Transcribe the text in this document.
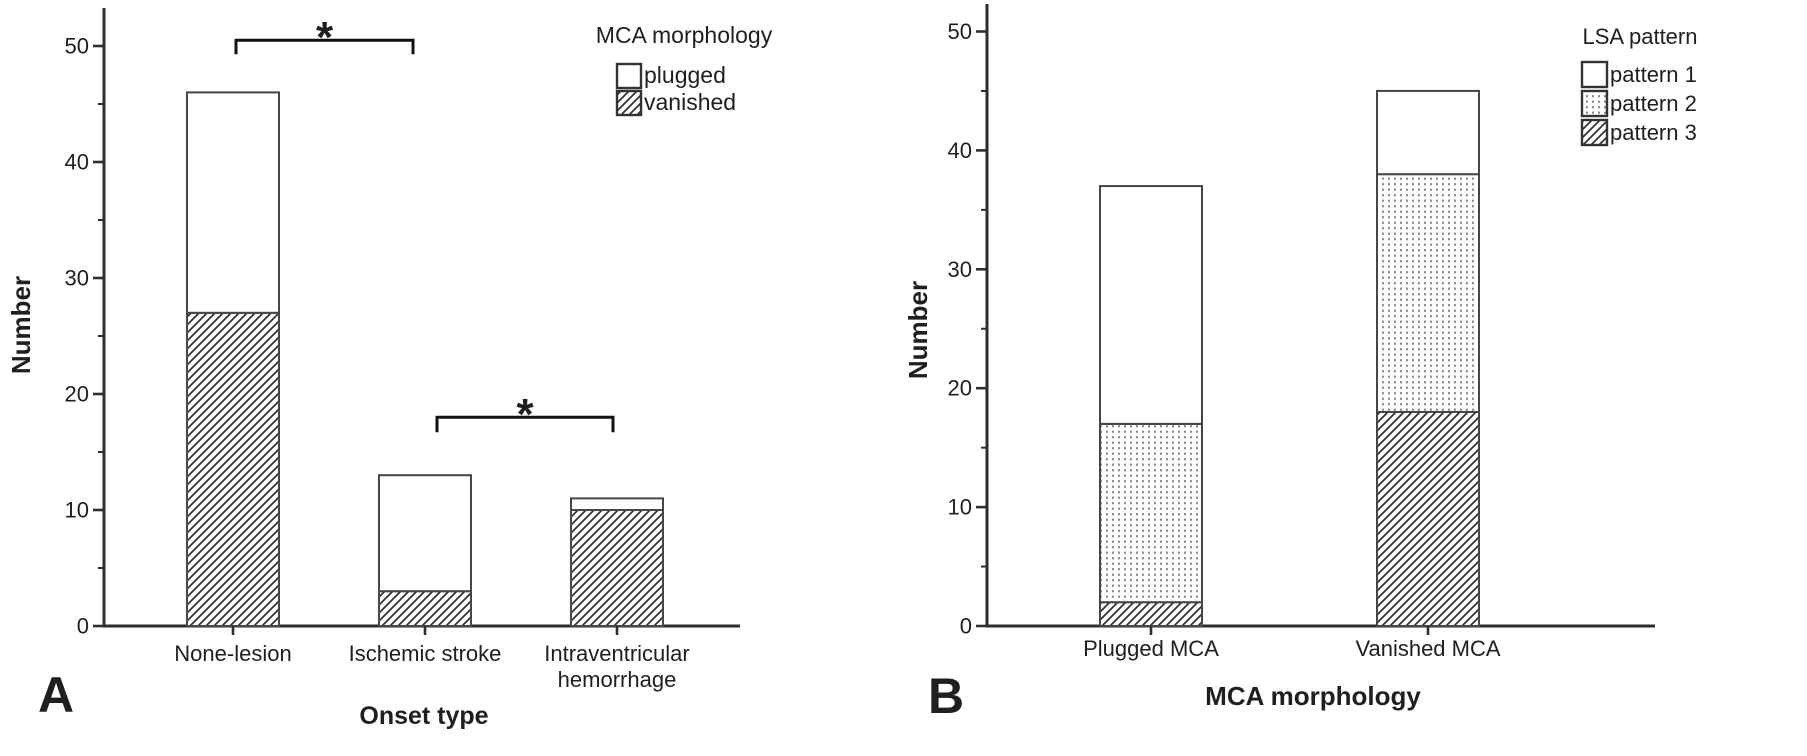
0
10
20
30
40
50
None-lesion	Ischemic stroke Intraventricular
hemorrhage
*
*
Onset type
Number
A
MCA morphology
plugged
vanished
0
10
20
30
40
50
Plugged MCA	Vanished MCA
MCA morphology
Number
B
LSA pattern
pattern 1
pattern 2
pattern 3
